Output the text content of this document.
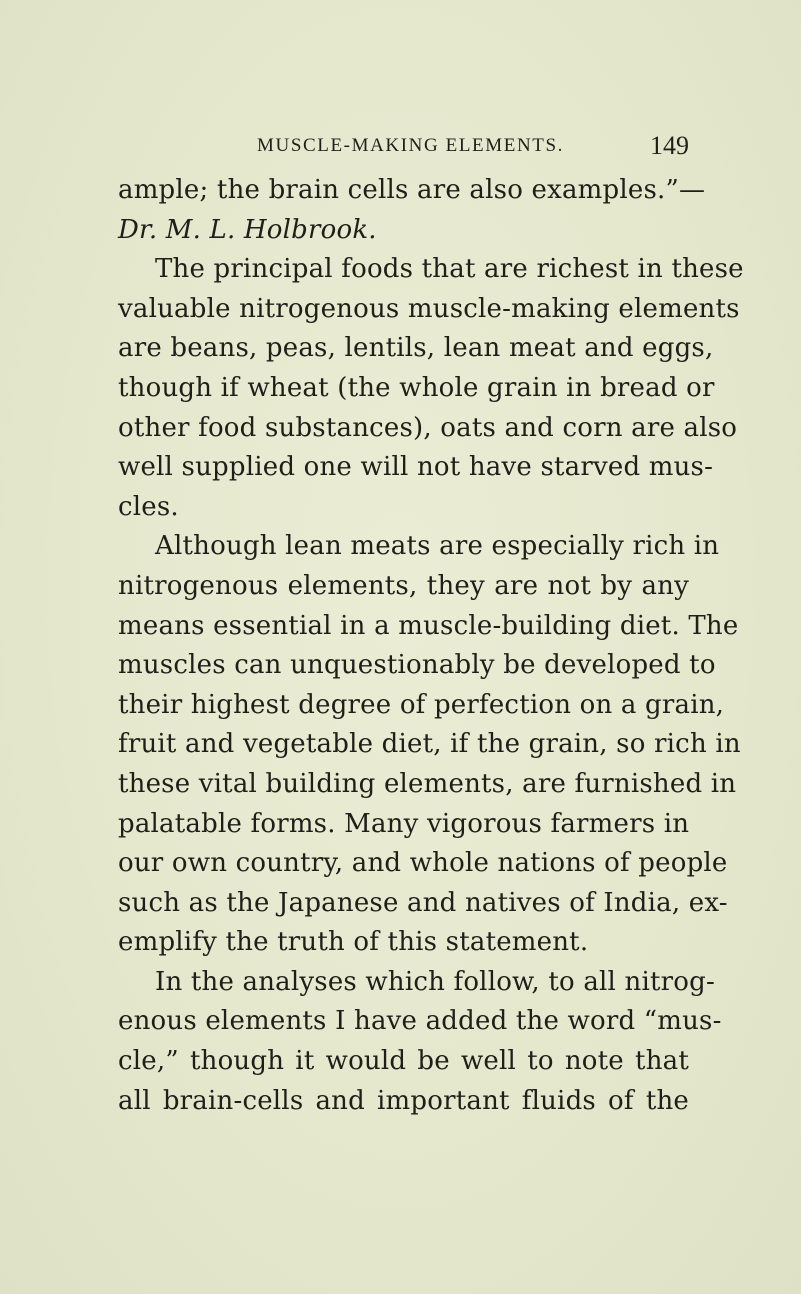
MUSCLE-MAKING ELEMENTS.	149
ample; the brain cells are also examples.”—
Dr. M. L. Holbrook.
The principal foods that are richest in these
valuable nitrogenous muscle-making elements
are beans, peas, lentils, lean meat and eggs,
though if wheat (the whole grain in bread or
other food substances), oats and corn are also
well supplied one will not have starved mus-
cles.
Although lean meats are especially rich in
nitrogenous elements, they are not by any
means essential in a muscle-building diet. The
muscles can unquestionably be developed to
their highest degree of perfection on a grain,
fruit and vegetable diet, if the grain, so rich in
these vital building elements, are furnished in
palatable forms. Many vigorous farmers in
our own country, and whole nations of people
such as the Japanese and natives of India, ex-
emplify the truth of this statement.
In the analyses which follow, to all nitrog-
enous elements I have added the word “mus-
cle,” though it would be well to note that
all brain-cells and important fluids of the
